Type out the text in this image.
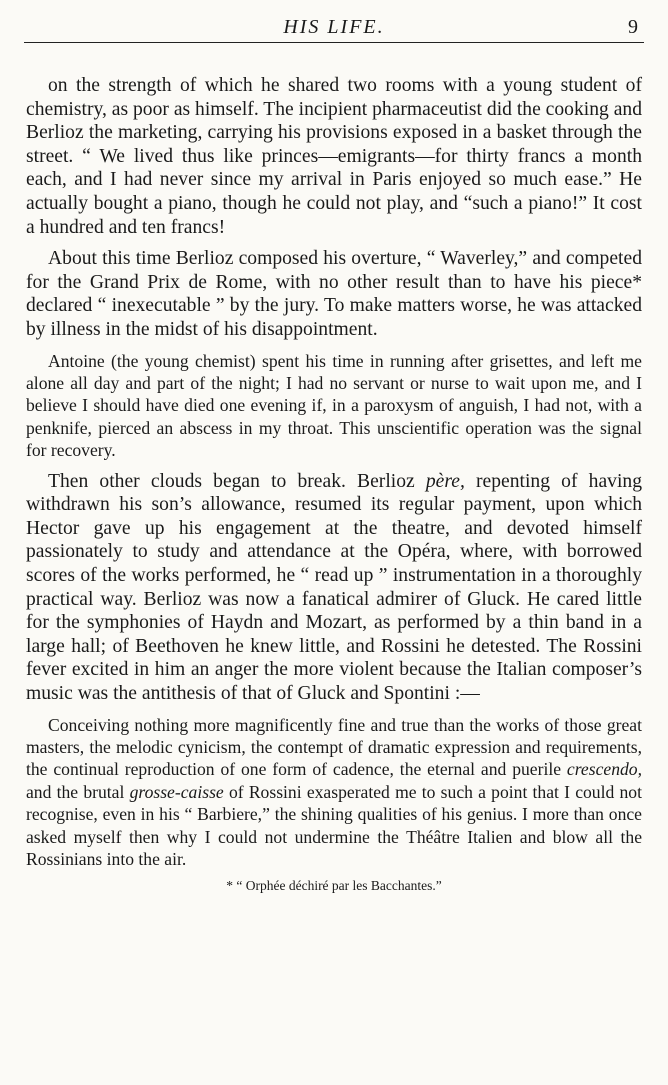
HIS LIFE.	9

on the strength of which he shared two rooms with a young student of chemistry, as poor as himself. The incipient pharmaceutist did the cooking and Berlioz the marketing, carrying his provisions exposed in a basket through the street. “ We lived thus like princes—emigrants—for thirty francs a month each, and I had never since my arrival in Paris enjoyed so much ease.” He actually bought a piano, though he could not play, and “such a piano!” It cost a hundred and ten francs!

About this time Berlioz composed his overture, “ Waverley,” and competed for the Grand Prix de Rome, with no other result than to have his piece* declared “ inexecutable ” by the jury. To make matters worse, he was attacked by illness in the midst of his disappointment.

Antoine (the young chemist) spent his time in running after grisettes, and left me alone all day and part of the night; I had no servant or nurse to wait upon me, and I believe I should have died one evening if, in a paroxysm of anguish, I had not, with a penknife, pierced an abscess in my throat. This unscientific operation was the signal for recovery.

Then other clouds began to break. Berlioz père, repenting of having withdrawn his son’s allowance, resumed its regular payment, upon which Hector gave up his engagement at the theatre, and devoted himself passionately to study and attendance at the Opéra, where, with borrowed scores of the works performed, he “ read up ” instrumentation in a thoroughly practical way. Berlioz was now a fanatical admirer of Gluck. He cared little for the symphonies of Haydn and Mozart, as performed by a thin band in a large hall; of Beethoven he knew little, and Rossini he detested. The Rossini fever excited in him an anger the more violent because the Italian composer’s music was the antithesis of that of Gluck and Spontini :—

Conceiving nothing more magnificently fine and true than the works of those great masters, the melodic cynicism, the contempt of dramatic expression and requirements, the continual reproduction of one form of cadence, the eternal and puerile crescendo, and the brutal grosse-caisse of Rossini exasperated me to such a point that I could not recognise, even in his “ Barbiere,” the shining qualities of his genius. I more than once asked myself then why I could not undermine the Théâtre Italien and blow all the Rossinians into the air.

* “ Orphée déchiré par les Bacchantes.”
